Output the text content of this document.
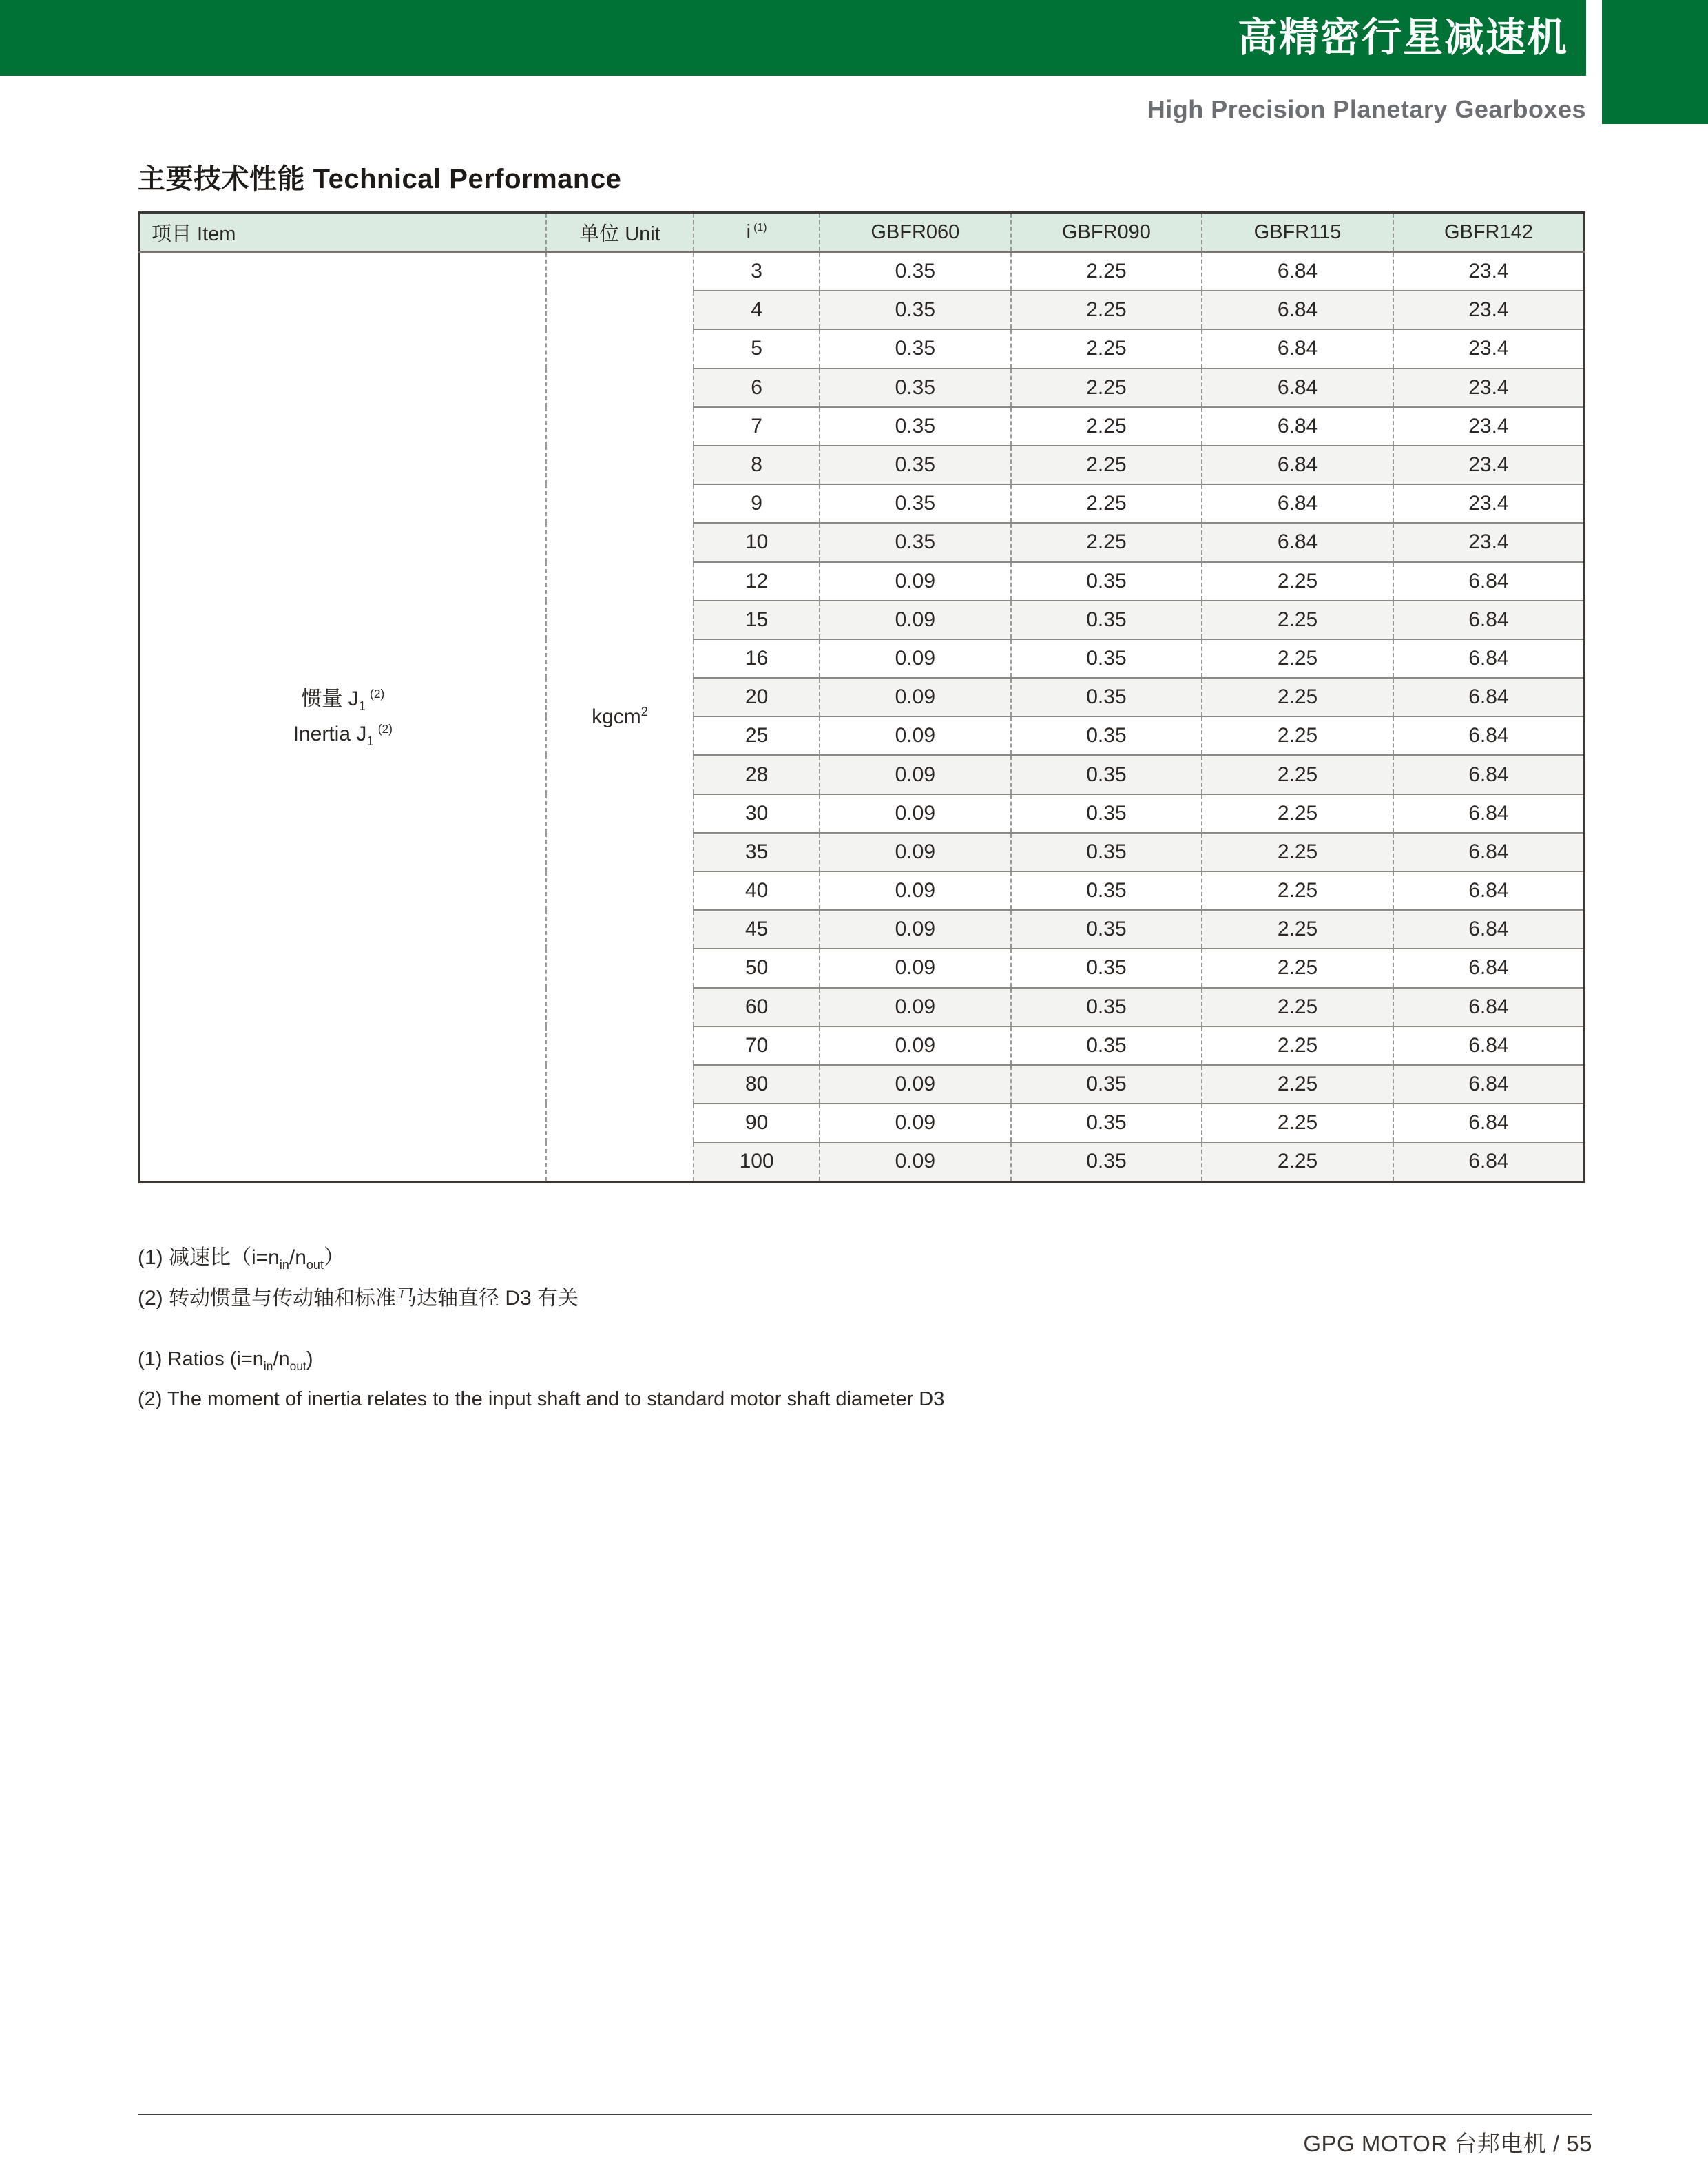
高精密行星减速机
High Precision Planetary Gearboxes
主要技术性能 Technical Performance
项目 Item	单位 Unit	i $^{(1)}$	GBFR060	GBFR090	GBFR115	GBFR142

惯量 $J_1^{(2)}$
Inertia $J_1^{(2)}$	kgcm$^2$	3	0.35	2.25	6.84	23.4
		4	0.35	2.25	6.84	23.4
		5	0.35	2.25	6.84	23.4
		6	0.35	2.25	6.84	23.4
		7	0.35	2.25	6.84	23.4
		8	0.35	2.25	6.84	23.4
		9	0.35	2.25	6.84	23.4
		10	0.35	2.25	6.84	23.4
		12	0.09	0.35	2.25	6.84
		15	0.09	0.35	2.25	6.84
		16	0.09	0.35	2.25	6.84
		20	0.09	0.35	2.25	6.84
		25	0.09	0.35	2.25	6.84
		28	0.09	0.35	2.25	6.84
		30	0.09	0.35	2.25	6.84
		35	0.09	0.35	2.25	6.84
		40	0.09	0.35	2.25	6.84
		45	0.09	0.35	2.25	6.84
		50	0.09	0.35	2.25	6.84
		60	0.09	0.35	2.25	6.84
		70	0.09	0.35	2.25	6.84
		80	0.09	0.35	2.25	6.84
		90	0.09	0.35	2.25	6.84
		100	0.09	0.35	2.25	6.84
(1) 减速比$(i=n_{in}/n_{out})$
(2) 转动惯量与传动轴和标准马达轴直径 D3 有关
(1) Ratios $(i=n_{in}/n_{out})$
(2) The moment of inertia relates to the input shaft and to standard motor shaft diameter D3
GPG MOTOR 台邦电机 / 55
